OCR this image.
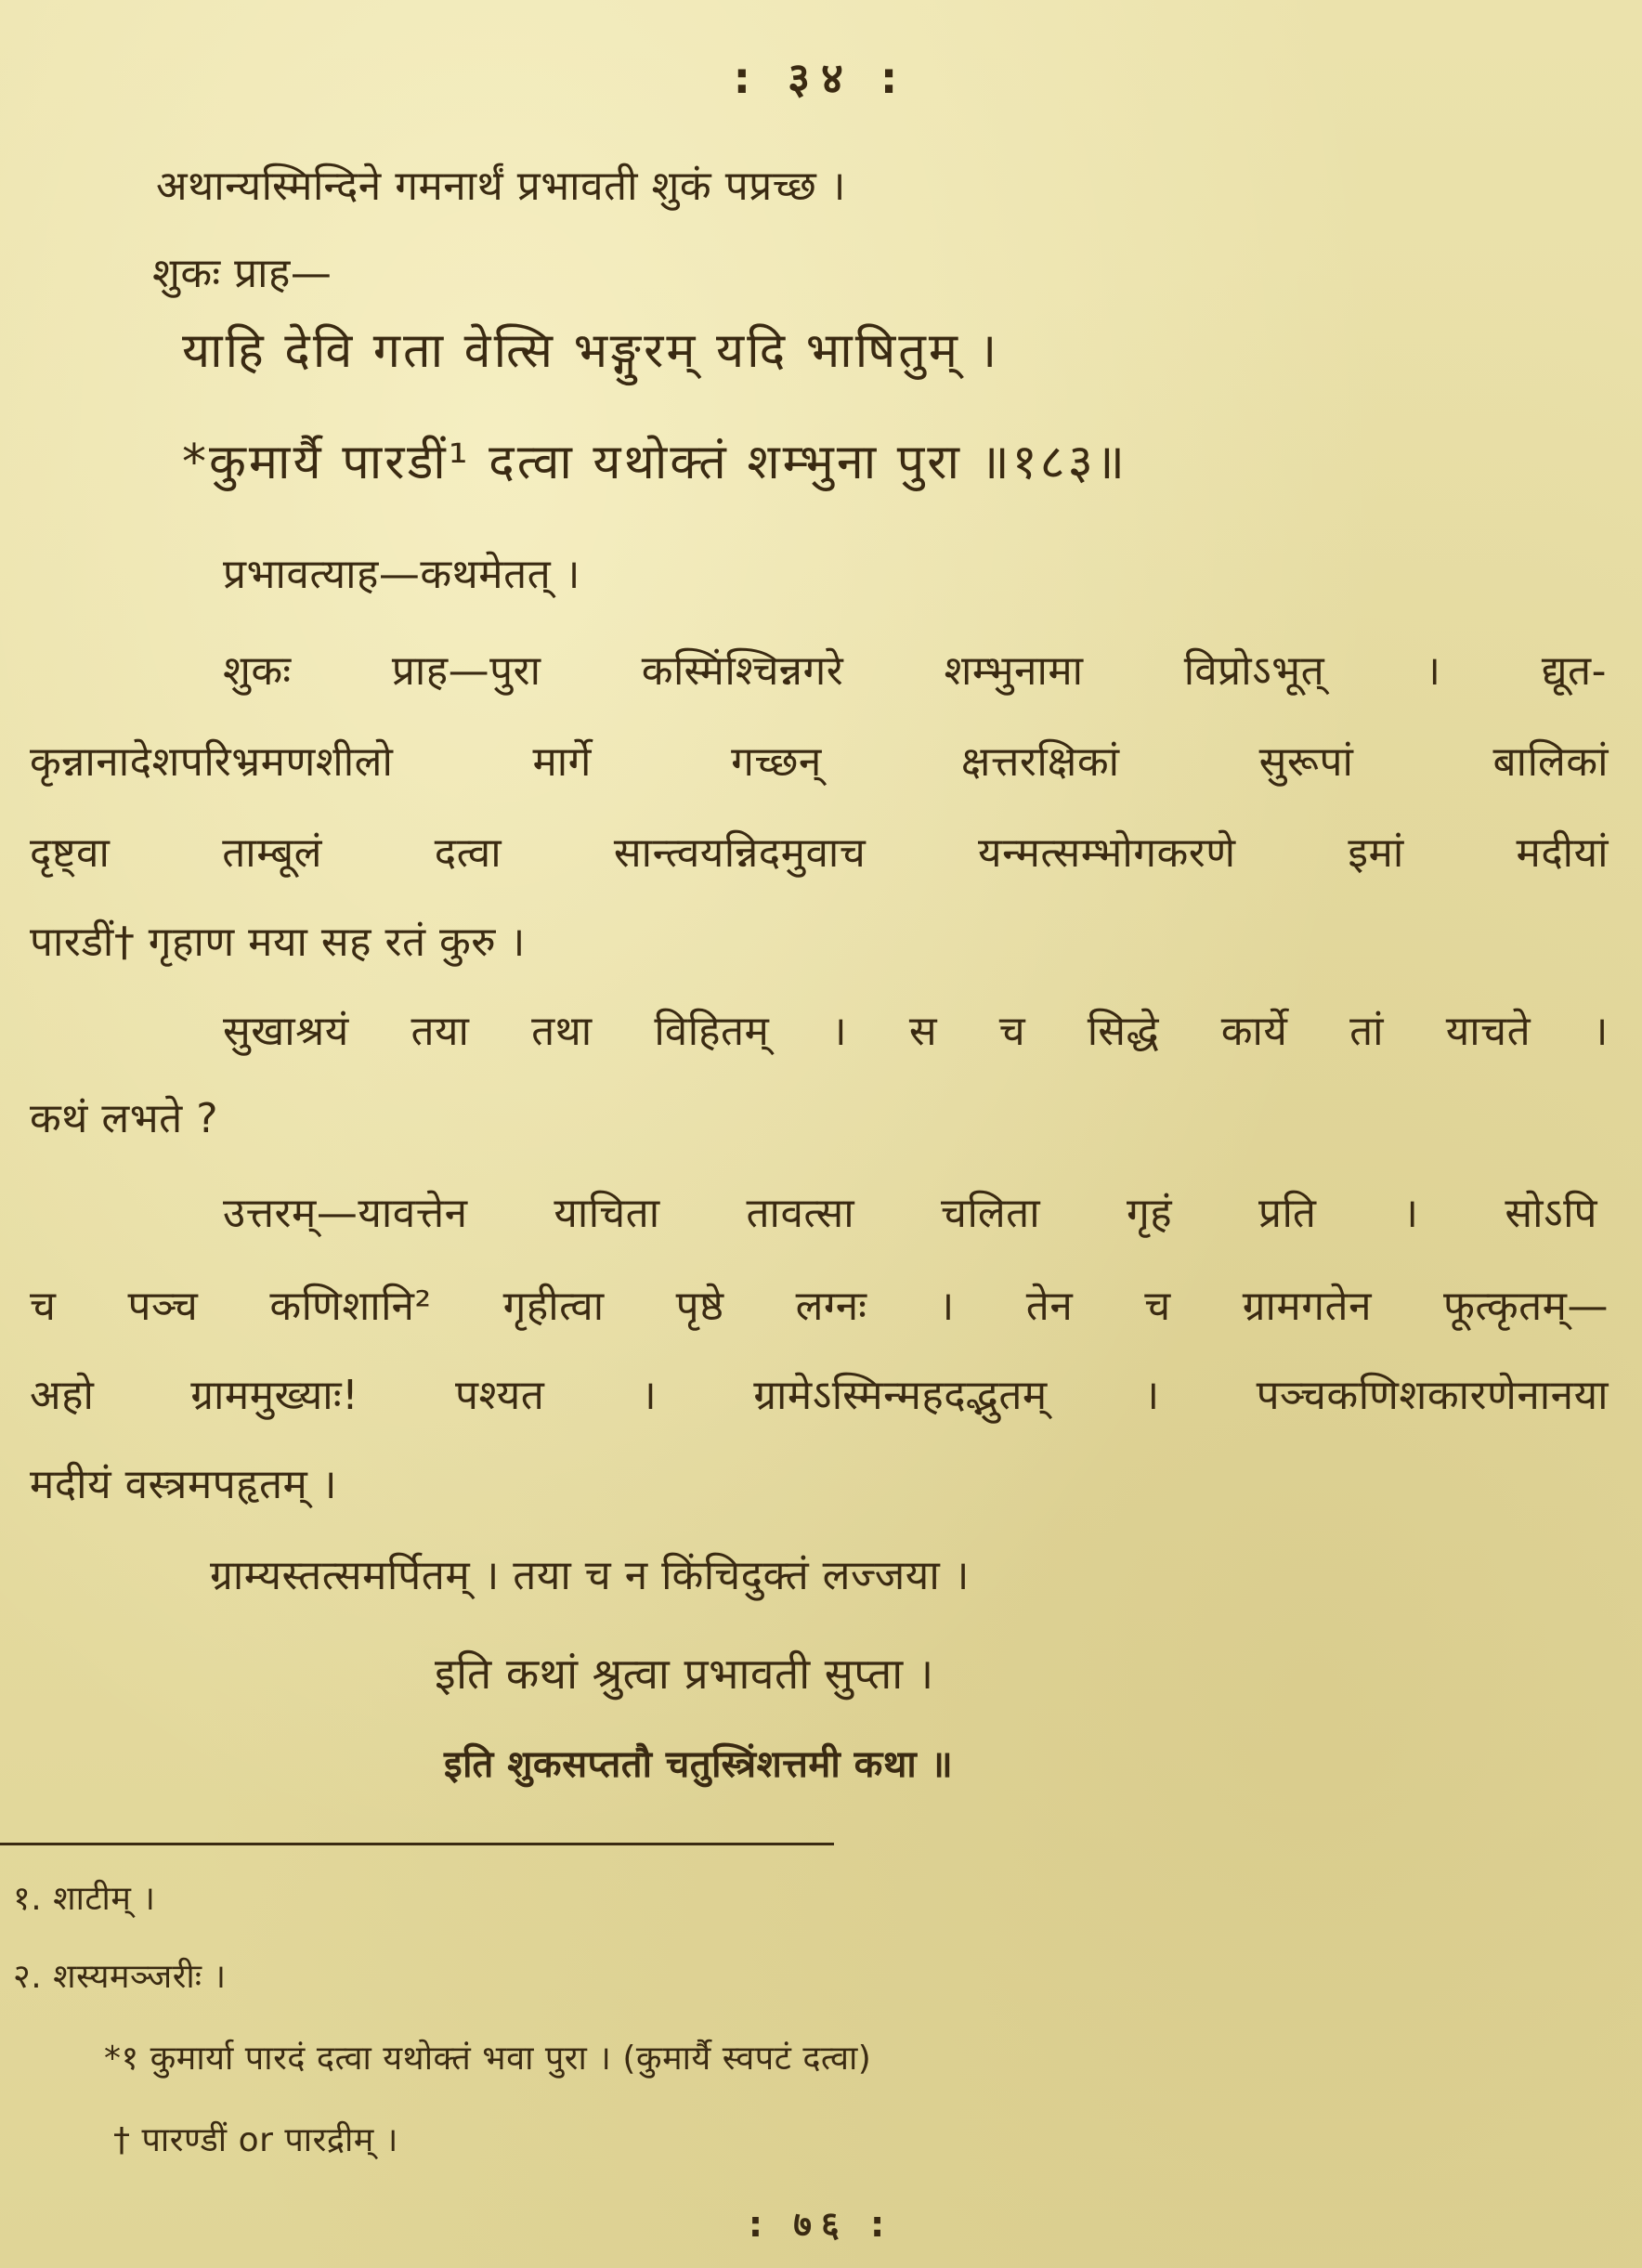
: ३४ :
अथान्यस्मिन्दिने गमनार्थं प्रभावती शुकं पप्रच्छ ।
शुकः प्राह—
याहि देवि गता वेत्सि भङ्गुरम् यदि भाषितुम् ।
*कुमार्यै पारडीं¹ दत्वा यथोक्तं शम्भुना पुरा ॥१८३॥
प्रभावत्याह—कथमेतत् ।
शुकः प्राह—पुरा कस्मिंश्चिन्नगरे शम्भुनामा विप्रोऽभूत् । द्यूत-
कृन्नानादेशपरिभ्रमणशीलो मार्गे गच्छन् क्षत्तरक्षिकां सुरूपां बालिकां
दृष्ट्वा ताम्बूलं दत्वा सान्त्वयन्निदमुवाच यन्मत्सम्भोगकरणे इमां मदीयां
पारडीं† गृहाण मया सह रतं कुरु ।
सुखाश्रयं तया तथा विहितम् । स च सिद्धे कार्ये तां याचते ।
कथं लभते ?
उत्तरम्—यावत्तेन याचिता तावत्सा चलिता गृहं प्रति । सोऽपि
च पञ्च कणिशानि² गृहीत्वा पृष्ठे लग्नः । तेन च ग्रामगतेन फूत्कृतम्—
अहो ग्राममुख्याः! पश्यत । ग्रामेऽस्मिन्महदद्भुतम् । पञ्चकणिशकारणेनानया
मदीयं वस्त्रमपहृतम् ।
ग्राम्यस्तत्समर्पितम् । तया च न किंचिदुक्तं लज्जया ।
इति कथां श्रुत्वा प्रभावती सुप्ता ।
इति शुकसप्ततौ चतुस्त्रिंशत्तमी कथा ॥
१. शाटीम् ।
२. शस्यमञ्जरीः ।
*१ कुमार्या पारदं दत्वा यथोक्तं भवा पुरा । (कुमार्यै स्वपटं दत्वा)
† पारण्डीं or पारद्रीम् ।
: ७६ :
